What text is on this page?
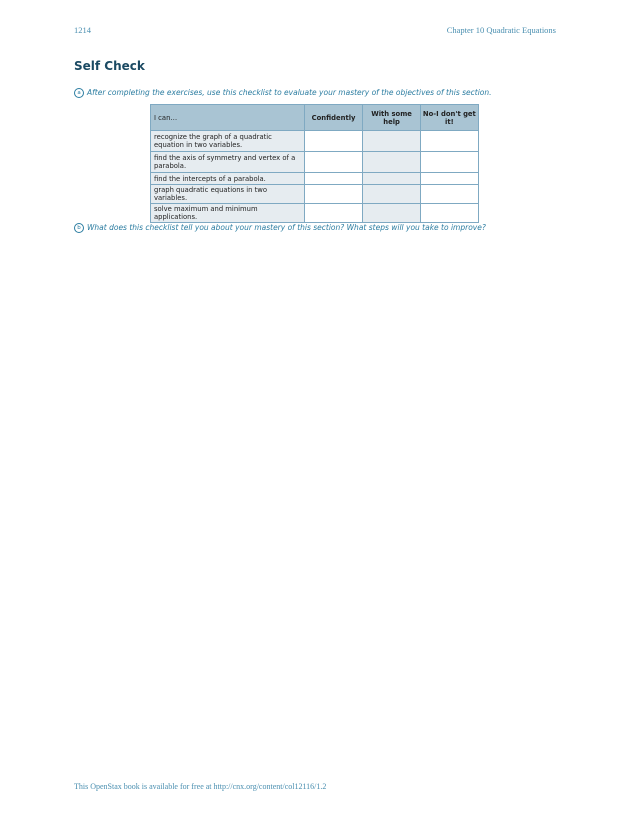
1214	Chapter 10 Quadratic Equations
Self Check
a After completing the exercises, use this checklist to evaluate your mastery of the objectives of this section.
I can…	Confidently	With some help	No-I don't get it!
recognize the graph of a quadratic equation in two variables.			
find the axis of symmetry and vertex of a parabola.			
find the intercepts of a parabola.			
graph quadratic equations in two variables.			
solve maximum and minimum applications.			
b What does this checklist tell you about your mastery of this section? What steps will you take to improve?
This OpenStax book is available for free at http://cnx.org/content/col12116/1.2
